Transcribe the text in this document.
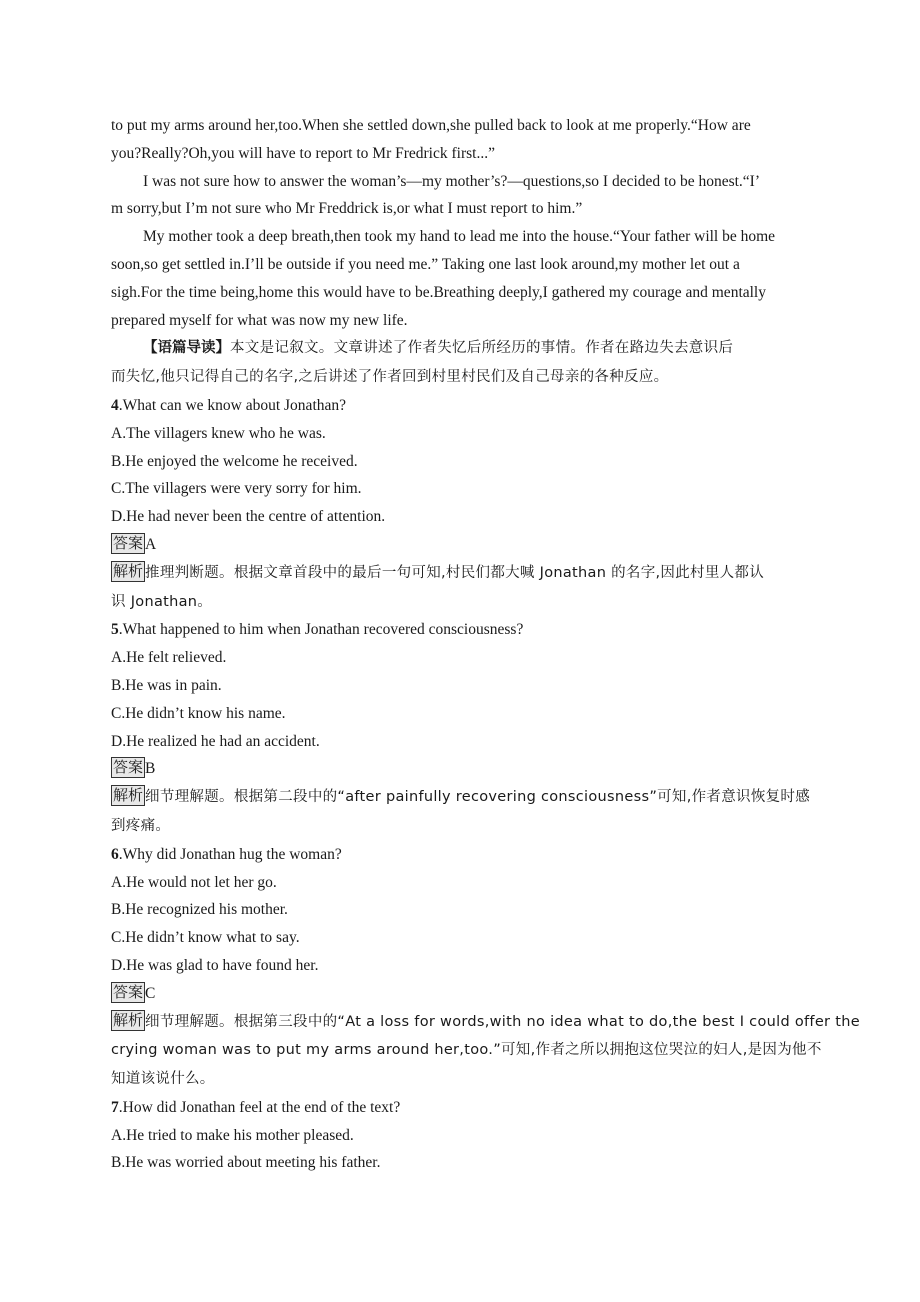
to put my arms around her,too.When she settled down,she pulled back to look at me properly.“How are
you?Really?Oh,you will have to report to Mr Fredrick first...”
I was not sure how to answer the woman’s—my mother’s?—questions,so I decided to be honest.“I’
m sorry,but I’m not sure who Mr Freddrick is,or what I must report to him.”
My mother took a deep breath,then took my hand to lead me into the house.“Your father will be home
soon,so get settled in.I’ll be outside if you need me.” Taking one last look around,my mother let out a
sigh.For the time being,home this would have to be.Breathing deeply,I gathered my courage and mentally
prepared myself for what was now my new life.
【语篇导读】本文是记叙文。文章讲述了作者失忆后所经历的事情。作者在路边失去意识后
而失忆,他只记得自己的名字,之后讲述了作者回到村里村民们及自己母亲的各种反应。
4.What can we know about Jonathan?
A.The villagers knew who he was.
B.He enjoyed the welcome he received.
C.The villagers were very sorry for him.
D.He had never been the centre of attention.
答案 A
解析 推理判断题。根据文章首段中的最后一句可知,村民们都大喊 Jonathan 的名字,因此村里人都认
识 Jonathan。
5.What happened to him when Jonathan recovered consciousness?
A.He felt relieved.
B.He was in pain.
C.He didn’t know his name.
D.He realized he had an accident.
答案 B
解析 细节理解题。根据第二段中的“after painfully recovering consciousness”可知,作者意识恢复时感
到疼痛。
6.Why did Jonathan hug the woman?
A.He would not let her go.
B.He recognized his mother.
C.He didn’t know what to say.
D.He was glad to have found her.
答案 C
解析 细节理解题。根据第三段中的“At a loss for words,with no idea what to do,the best I could offer the
crying woman was to put my arms around her,too.”可知,作者之所以拥抱这位哭泣的妇人,是因为他不
知道该说什么。
7.How did Jonathan feel at the end of the text?
A.He tried to make his mother pleased.
B.He was worried about meeting his father.
